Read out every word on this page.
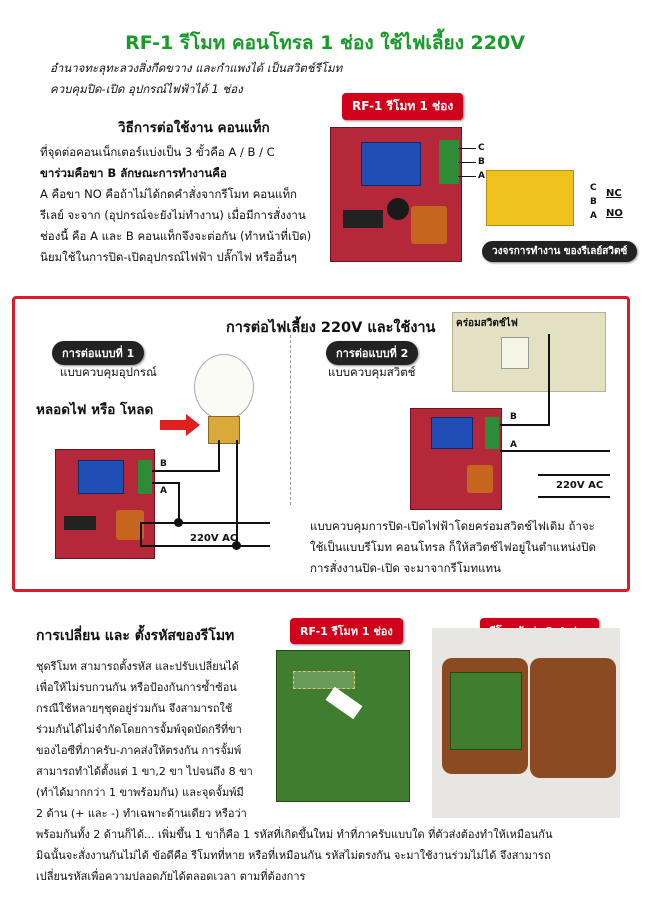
RF-1 รีโมท คอนโทรล 1 ช่อง ใช้ไฟเลี้ยง 220V
อำนาจทะลุทะลวงสิ่งกีดขวาง และกำแพงได้ เป็นสวิตช์รีโมท
ควบคุมปิด-เปิด อุปกรณ์ไฟฟ้าได้ 1 ช่อง
วิธีการต่อใช้งาน คอนแท็ก
ที่จุดต่อคอนเน็กเตอร์แบ่งเป็น 3 ขั้วคือ A / B / C
ขาร่วมคือขา B ลักษณะการทำงานคือ
A คือขา NO คือถ้าไม่ได้กดคำสั่งจากรีโมท คอนแท็ก
รีเลย์ จะจาก (อุปกรณ์จะยังไม่ทำงาน) เมื่อมีการสั่งงาน
ช่องนี้ คือ A และ B คอนแท็กจึงจะต่อกัน (ทำหน้าที่เปิด)
นิยมใช้ในการปิด-เปิดอุปกรณ์ไฟฟ้า ปลั๊กไฟ หรืออื่นๆ
RF-1 รีโมท 1 ช่อง
C
B
A
C
B
A
NC
NO
วงจรการทำงาน ของรีเลย์สวิตซ์
การต่อไฟเลี้ยง 220V และใช้งาน
การต่อแบบที่ 1
แบบควบคุมอุปกรณ์
หลอดไฟ หรือ โหลด
B
A
220V AC
การต่อแบบที่ 2
แบบควบคุมสวิตช์
คร่อมสวิตช์ไฟ
B
A
220V AC
แบบควบคุมการปิด-เปิดไฟฟ้าโดยคร่อมสวิตช์ไฟเดิม ถ้าจะ
ใช้เป็นแบบรีโมท คอนโทรล ก็ให้สวิตช์ไฟอยู่ในตำแหน่งปิด
การสั่งงานปิด-เปิด จะมาจากรีโมทแทน
การเปลี่ยน และ ตั้งรหัสของรีโมท	RF-1 รีโมท 1 ช่อง
ชุดรีโมท สามารถตั้งรหัส และปรับเปลี่ยนได้
เพื่อให้ไม่รบกวนกัน หรือป้องกันการซ้ำซ้อน
กรณีใช้หลายๆชุดอยู่ร่วมกัน จึงสามารถใช้
ร่วมกันได้ไม่จำกัดโดยการจั้มพ์จุดบัดกรีที่ขา
ของไอซีที่ภาครับ-ภาคส่งให้ตรงกัน การจั้มพ์
สามารถทำได้ตั้งแต่ 1 ขา,2 ขา ไปจนถึง 8 ขา
(ทำได้มากกว่า 1 ขาพร้อมกัน) และจุดจั้มพ์มี
2 ด้าน (+ และ -) ทำเฉพาะด้านเดียว หรือว่า
พร้อมกันทั้ง 2 ด้านก็ได้... เพิ่มขึ้น 1 ขาก็คือ 1 รหัสที่เกิดขึ้นใหม่ ทำที่ภาครับแบบใด ที่ตัวส่งต้องทำให้เหมือนกัน
มิฉนั้นจะสั่งงานกันไม่ได้ ข้อดีคือ รีโมทที่หาย หรือที่เหมือนกัน รหัสไม่ตรงกัน จะมาใช้งานร่วมไม่ได้ จึงสามารถ
เปลี่ยนรหัสเพื่อความปลอดภัยได้ตลอดเวลา ตามที่ต้องการ
